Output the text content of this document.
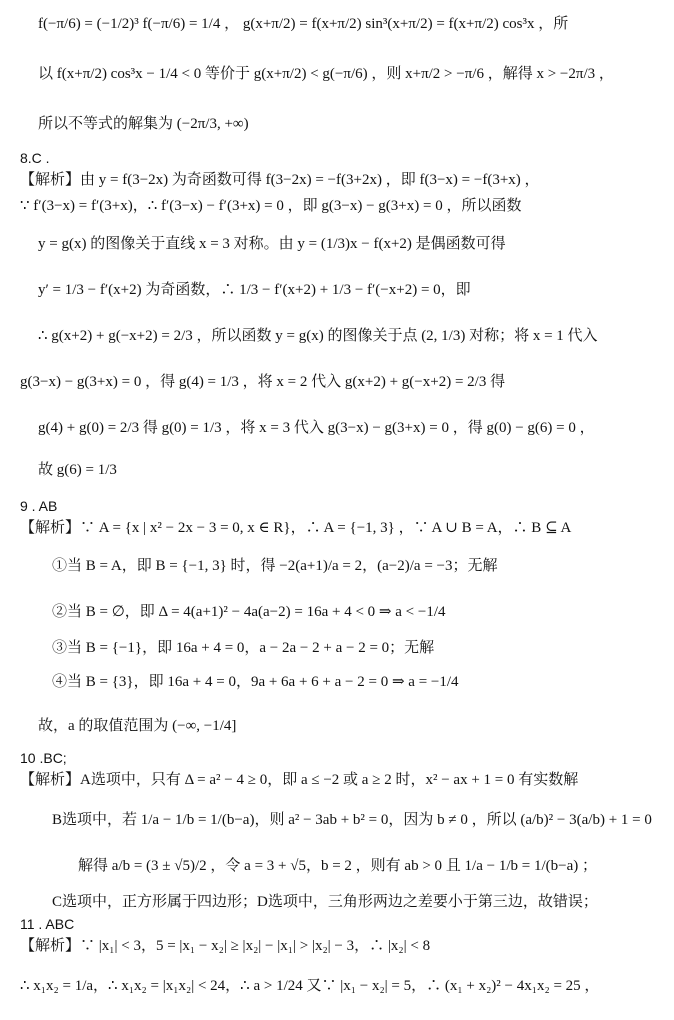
f(−π/6) = (−1/2)³ f(−π/6) = 1/4 ， g(x+π/2) = f(x+π/2) sin³(x+π/2) = f(x+π/2) cos³x ，所
以 f(x+π/2) cos³x − 1/4 < 0 等价于 g(x+π/2) < g(−π/6) ，则 x+π/2 > −π/6 ，解得 x > −2π/3 ，
所以不等式的解集为 (−2π/3, +∞)
8.C .
【解析】由 y = f(3−2x) 为奇函数可得 f(3−2x) = −f(3+2x) ，即 f(3−x) = −f(3+x) ，
∵ f′(3−x) = f′(3+x)，∴ f′(3−x) − f′(3+x) = 0 ，即 g(3−x) − g(3+x) = 0 ，所以函数
y = g(x) 的图像关于直线 x = 3 对称。由 y = (1/3)x − f(x+2) 是偶函数可得
y′ = 1/3 − f′(x+2) 为奇函数，∴ 1/3 − f′(x+2) + 1/3 − f′(−x+2) = 0，即
∴ g(x+2) + g(−x+2) = 2/3 ，所以函数 y = g(x) 的图像关于点 (2, 1/3) 对称；将 x = 1 代入
g(3−x) − g(3+x) = 0 ，得 g(4) = 1/3 ，将 x = 2 代入 g(x+2) + g(−x+2) = 2/3 得
g(4) + g(0) = 2/3 得 g(0) = 1/3 ，将 x = 3 代入 g(3−x) − g(3+x) = 0 ，得 g(0) − g(6) = 0 ，
故 g(6) = 1/3
9 . AB
【解析】∵ A = {x | x² − 2x − 3 = 0, x ∈ R}，∴ A = {−1, 3} ，∵ A ∪ B = A，∴ B ⊆ A
①当 B = A，即 B = {−1, 3} 时，得 −2(a+1)/a = 2，(a−2)/a = −3；无解
②当 B = ∅，即 Δ = 4(a+1)² − 4a(a−2) = 16a + 4 < 0 ⇒ a < −1/4
③当 B = {−1}，即 16a + 4 = 0，a − 2a − 2 + a − 2 = 0；无解
④当 B = {3}，即 16a + 4 = 0，9a + 6a + 6 + a − 2 = 0 ⇒ a = −1/4
故，a 的取值范围为 (−∞, −1/4]
10 .BC;
【解析】A选项中，只有 Δ = a² − 4 ≥ 0，即 a ≤ −2 或 a ≥ 2 时，x² − ax + 1 = 0 有实数解
B选项中，若 1/a − 1/b = 1/(b−a)，则 a² − 3ab + b² = 0，因为 b ≠ 0 ，所以 (a/b)² − 3(a/b) + 1 = 0
解得 a/b = (3 ± √5)/2 ，令 a = 3 + √5，b = 2 ，则有 ab > 0 且 1/a − 1/b = 1/(b−a) ；
C选项中，正方形属于四边形；D选项中，三角形两边之差要小于第三边，故错误；
11 . ABC
【解析】∵ |x₁| < 3，5 = |x₁ − x₂| ≥ |x₂| − |x₁| > |x₂| − 3，∴ |x₂| < 8
∴ x₁x₂ = 1/a，∴ x₁x₂ = |x₁x₂| < 24，∴ a > 1/24 又∵ |x₁ − x₂| = 5，∴ (x₁ + x₂)² − 4x₁x₂ = 25 ，
